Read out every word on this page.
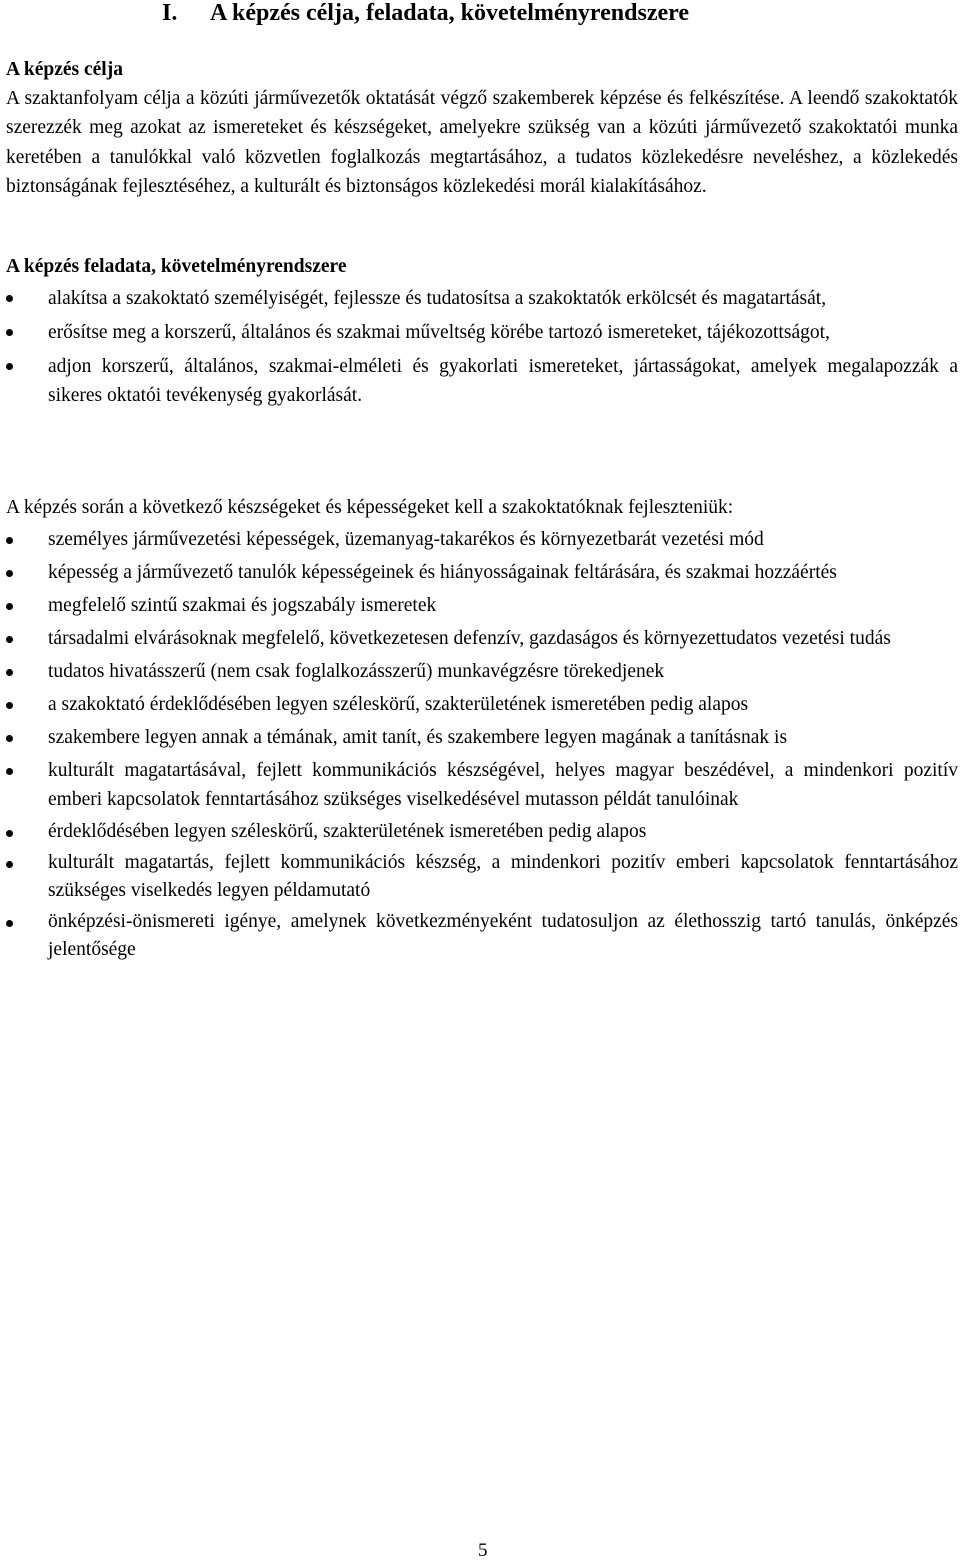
I. A képzés célja, feladata, követelményrendszere
A képzés célja

A szaktanfolyam célja a közúti járművezetők oktatását végző szakemberek képzése és felkészítése. A leendő szakoktatók szerezzék meg azokat az ismereteket és készségeket, amelyekre szükség van a közúti járművezető szakoktatói munka keretében a tanulókkal való közvetlen foglalkozás megtartásához, a tudatos közlekedésre neveléshez, a közlekedés biztonságának fejlesztéséhez, a kulturált és biztonságos közlekedési morál kialakításához.

A képzés feladata, követelményrendszere
alakítsa a szakoktató személyiségét, fejlessze és tudatosítsa a szakoktatók erkölcsét és magatartását,
erősítse meg a korszerű, általános és szakmai műveltség körébe tartozó ismereteket, tájékozottságot,
adjon korszerű, általános, szakmai-elméleti és gyakorlati ismereteket, jártasságokat, amelyek megalapozzák a sikeres oktatói tevékenység gyakorlását.
A képzés során a következő készségeket és képességeket kell a szakoktatóknak fejleszteniük:
személyes járművezetési képességek, üzemanyag-takarékos és környezetbarát vezetési mód
képesség a járművezető tanulók képességeinek és hiányosságainak feltárására, és szakmai hozzáértés
megfelelő szintű szakmai és jogszabály ismeretek
társadalmi elvárásoknak megfelelő, következetesen defenzív, gazdaságos és környezettudatos vezetési tudás
tudatos hivatásszerű (nem csak foglalkozásszerű) munkavégzésre törekedjenek
a szakoktató érdeklődésében legyen széleskörű, szakterületének ismeretében pedig alapos
szakembere legyen annak a témának, amit tanít, és szakembere legyen magának a tanításnak is
kulturált magatartásával, fejlett kommunikációs készségével, helyes magyar beszédével, a mindenkori pozitív emberi kapcsolatok fenntartásához szükséges viselkedésével mutasson példát tanulóinak
érdeklődésében legyen széleskörű, szakterületének ismeretében pedig alapos
kulturált magatartás, fejlett kommunikációs készség, a mindenkori pozitív emberi kapcsolatok fenntartásához szükséges viselkedés legyen példamutató
önképzési-önismereti igénye, amelynek következményeként tudatosuljon az élethosszig tartó tanulás, önképzés jelentősége
5
